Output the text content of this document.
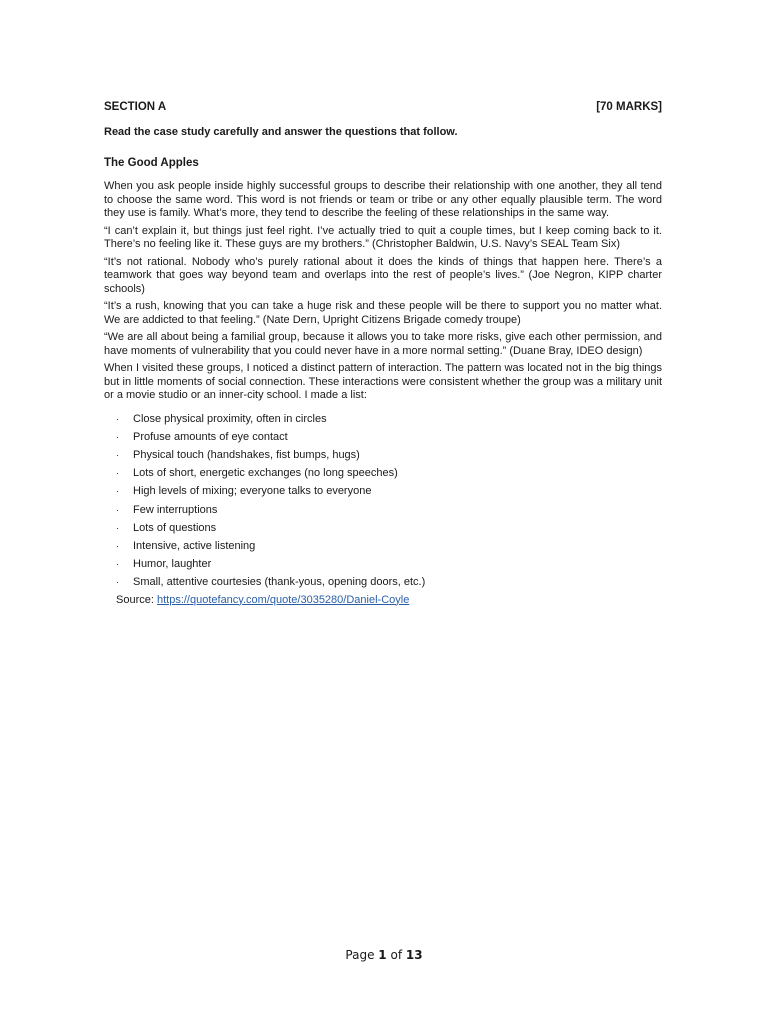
SECTION A	[70 MARKS]
Read the case study carefully and answer the questions that follow.
The Good Apples

When you ask people inside highly successful groups to describe their relationship with one another, they all tend to choose the same word. This word is not friends or team or tribe or any other equally plausible term. The word they use is family. What’s more, they tend to describe the feeling of these relationships in the same way.

“I can’t explain it, but things just feel right. I’ve actually tried to quit a couple times, but I keep coming back to it. There’s no feeling like it. These guys are my brothers.” (Christopher Baldwin, U.S. Navy’s SEAL Team Six)

“It’s not rational. Nobody who’s purely rational about it does the kinds of things that happen here. There’s a teamwork that goes way beyond team and overlaps into the rest of people’s lives.” (Joe Negron, KIPP charter schools)

“It’s a rush, knowing that you can take a huge risk and these people will be there to support you no matter what. We are addicted to that feeling.” (Nate Dern, Upright Citizens Brigade comedy troupe)

“We are all about being a familial group, because it allows you to take more risks, give each other permission, and have moments of vulnerability that you could never have in a more normal setting.” (Duane Bray, IDEO design)

When I visited these groups, I noticed a distinct pattern of interaction. The pattern was located not in the big things but in little moments of social connection. These interactions were consistent whether the group was a military unit or a movie studio or an inner-city school. I made a list:

· Close physical proximity, often in circles
· Profuse amounts of eye contact
· Physical touch (handshakes, fist bumps, hugs)
· Lots of short, energetic exchanges (no long speeches)
· High levels of mixing; everyone talks to everyone
· Few interruptions
· Lots of questions
· Intensive, active listening
· Humor, laughter
· Small, attentive courtesies (thank-yous, opening doors, etc.)
Source: https://quotefancy.com/quote/3035280/Daniel-Coyle
Page 1 of 13
